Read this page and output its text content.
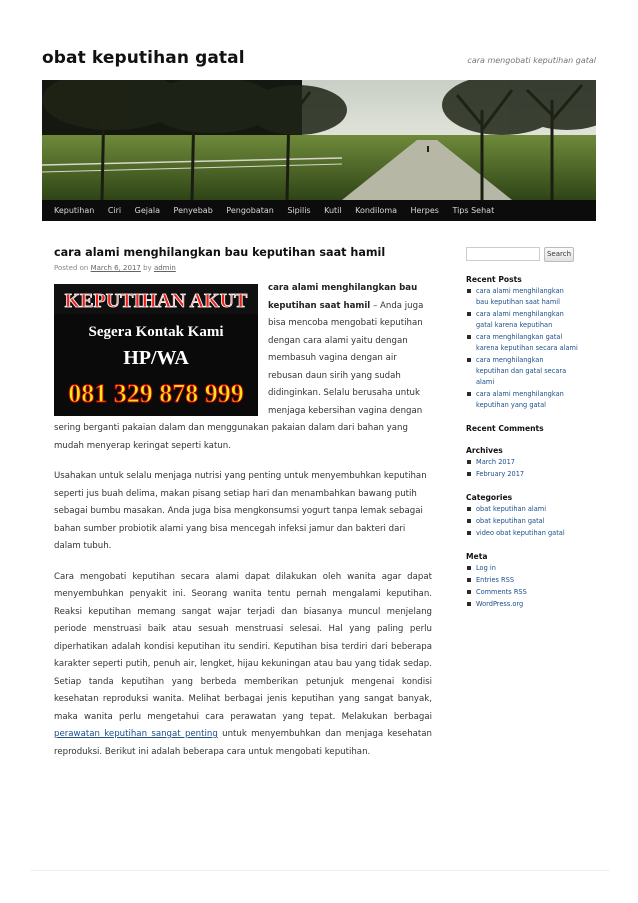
obat keputihan gatal	cara mengobati keputihan gatal
Keputihan Ciri Gejala Penyebab Pengobatan Sipilis Kutil Kondiloma Herpes Tips Sehat
cara alami menghilangkan bau keputihan saat hamil
Posted on March 6, 2017 by admin
KEPUTIHAN AKUT
Segera Kontak Kami
HP/WA
081 329 878 999

cara alami menghilangkan bau keputihan saat hamil – Anda juga bisa mencoba mengobati keputihan dengan cara alami yaitu dengan membasuh vagina dengan air rebusan daun sirih yang sudah didinginkan. Selalu berusaha untuk menjaga kebersihan vagina dengan sering berganti pakaian dalam dan menggunakan pakaian dalam dari bahan yang mudah menyerap keringat seperti katun.

Usahakan untuk selalu menjaga nutrisi yang penting untuk menyembuhkan keputihan seperti jus buah delima, makan pisang setiap hari dan menambahkan bawang putih sebagai bumbu masakan. Anda juga bisa mengkonsumsi yogurt tanpa lemak sebagai bahan sumber probiotik alami yang bisa mencegah infeksi jamur dan bakteri dari dalam tubuh.

Cara mengobati keputihan secara alami dapat dilakukan oleh wanita agar dapat menyembuhkan penyakit ini. Seorang wanita tentu pernah mengalami keputihan. Reaksi keputihan memang sangat wajar terjadi dan biasanya muncul menjelang periode menstruasi baik atau sesuah menstruasi selesai. Hal yang paling perlu diperhatikan adalah kondisi keputihan itu sendiri. Keputihan bisa terdiri dari beberapa karakter seperti putih, penuh air, lengket, hijau kekuningan atau bau yang tidak sedap. Setiap tanda keputihan yang berbeda memberikan petunjuk mengenai kondisi kesehatan reproduksi wanita. Melihat berbagai jenis keputihan yang sangat banyak, maka wanita perlu mengetahui cara perawatan yang tepat. Melakukan berbagai perawatan keputihan sangat penting untuk menyembuhkan dan menjaga kesehatan reproduksi. Berikut ini adalah beberapa cara untuk mengobati keputihan.

Search
Recent Posts
cara alami menghilangkan bau keputihan saat hamil
cara alami menghilangkan gatal karena keputihan
cara menghilangkan gatal karena keputihan secara alami
cara menghilangkan keputihan dan gatal secara alami
cara alami menghilangkan keputihan yang gatal
Recent Comments
Archives
March 2017
February 2017
Categories
obat keputihan alami
obat keputihan gatal
video obat keputihan gatal
Meta
Log in
Entries RSS
Comments RSS
WordPress.org
